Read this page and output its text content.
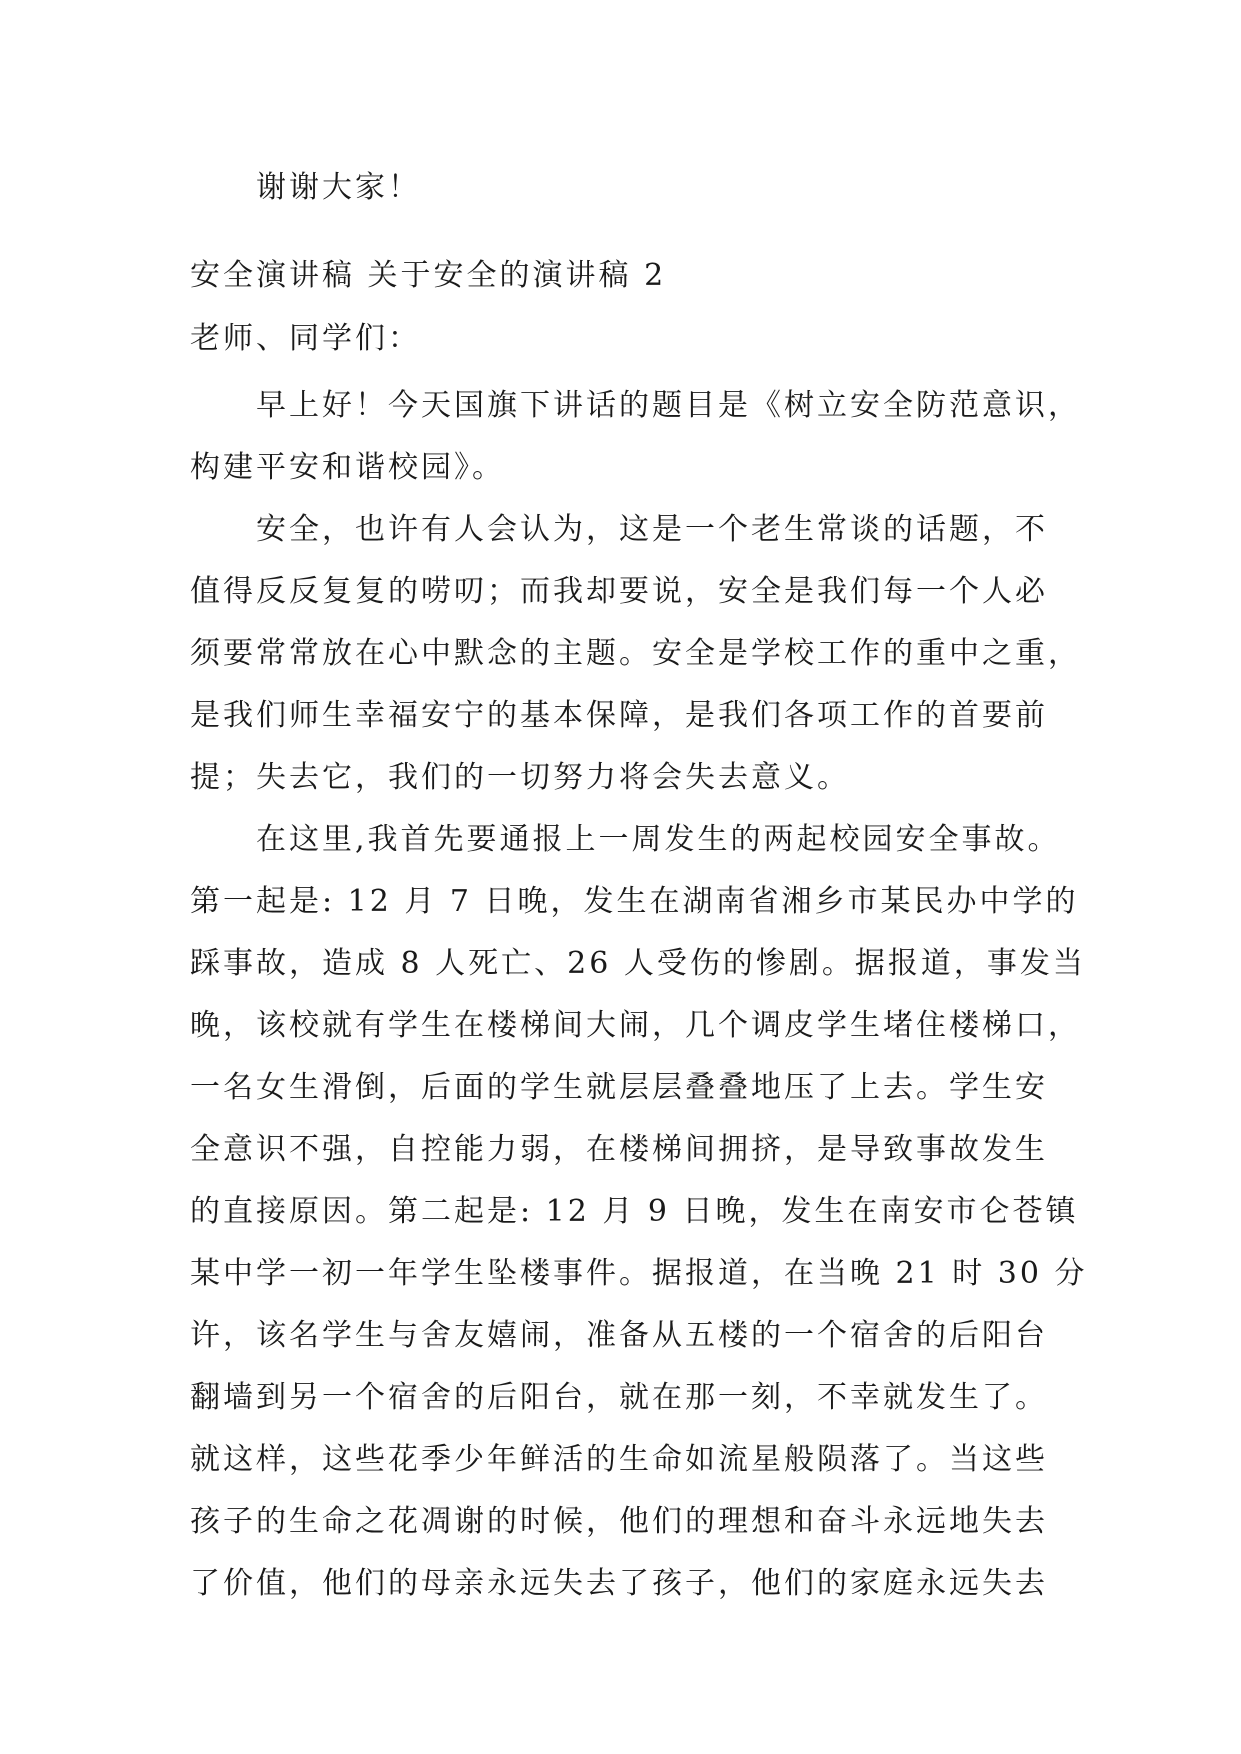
谢谢大家！
安全演讲稿 关于安全的演讲稿 2
老师、同学们：
　　早上好！今天国旗下讲话的题目是《树立安全防范意识，
构建平安和谐校园》。
　　安全，也许有人会认为，这是一个老生常谈的话题，不
值得反反复复的唠叨；而我却要说，安全是我们每一个人必
须要常常放在心中默念的主题。安全是学校工作的重中之重，
是我们师生幸福安宁的基本保障，是我们各项工作的首要前
提；失去它，我们的一切努力将会失去意义。
　　在这里,我首先要通报上一周发生的两起校园安全事故。
第一起是: 12 月 7 日晚，发生在湖南省湘乡市某民办中学的
踩事故，造成 8 人死亡、26 人受伤的惨剧。据报道，事发当
晚，该校就有学生在楼梯间大闹，几个调皮学生堵住楼梯口，
一名女生滑倒，后面的学生就层层叠叠地压了上去。学生安
全意识不强，自控能力弱，在楼梯间拥挤，是导致事故发生
的直接原因。第二起是: 12 月 9 日晚，发生在南安市仑苍镇
某中学一初一年学生坠楼事件。据报道，在当晚 21 时 30 分
许，该名学生与舍友嬉闹，准备从五楼的一个宿舍的后阳台
翻墙到另一个宿舍的后阳台，就在那一刻，不幸就发生了。
就这样，这些花季少年鲜活的生命如流星般陨落了。当这些
孩子的生命之花凋谢的时候，他们的理想和奋斗永远地失去
了价值，他们的母亲永远失去了孩子，他们的家庭永远失去
